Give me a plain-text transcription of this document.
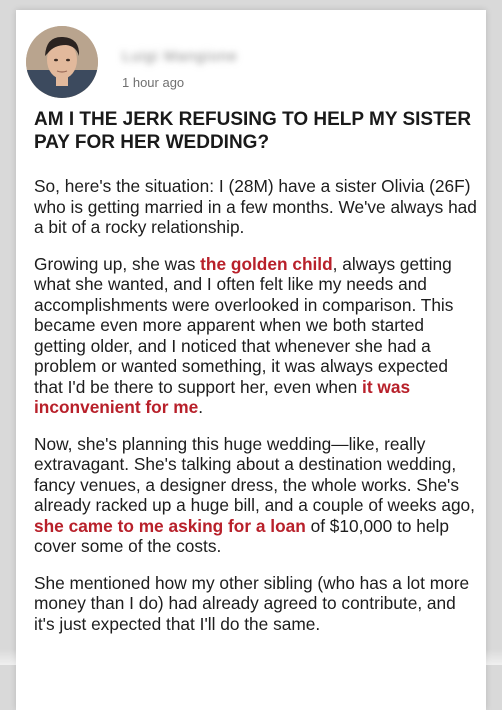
Luigi Mangione
1 hour ago
AM I THE JERK REFUSING TO HELP MY SISTER PAY FOR HER WEDDING?

So, here's the situation: I (28M) have a sister Olivia (26F) who is getting married in a few months. We've always had a bit of a rocky relationship.

Growing up, she was the golden child, always getting what she wanted, and I often felt like my needs and accomplishments were overlooked in comparison. This became even more apparent when we both started getting older, and I noticed that whenever she had a problem or wanted something, it was always expected that I'd be there to support her, even when it was inconvenient for me.

Now, she's planning this huge wedding—like, really extravagant. She's talking about a destination wedding, fancy venues, a designer dress, the whole works. She's already racked up a huge bill, and a couple of weeks ago, she came to me asking for a loan of $10,000 to help cover some of the costs.

She mentioned how my other sibling (who has a lot more money than I do) had already agreed to contribute, and it's just expected that I'll do the same.
